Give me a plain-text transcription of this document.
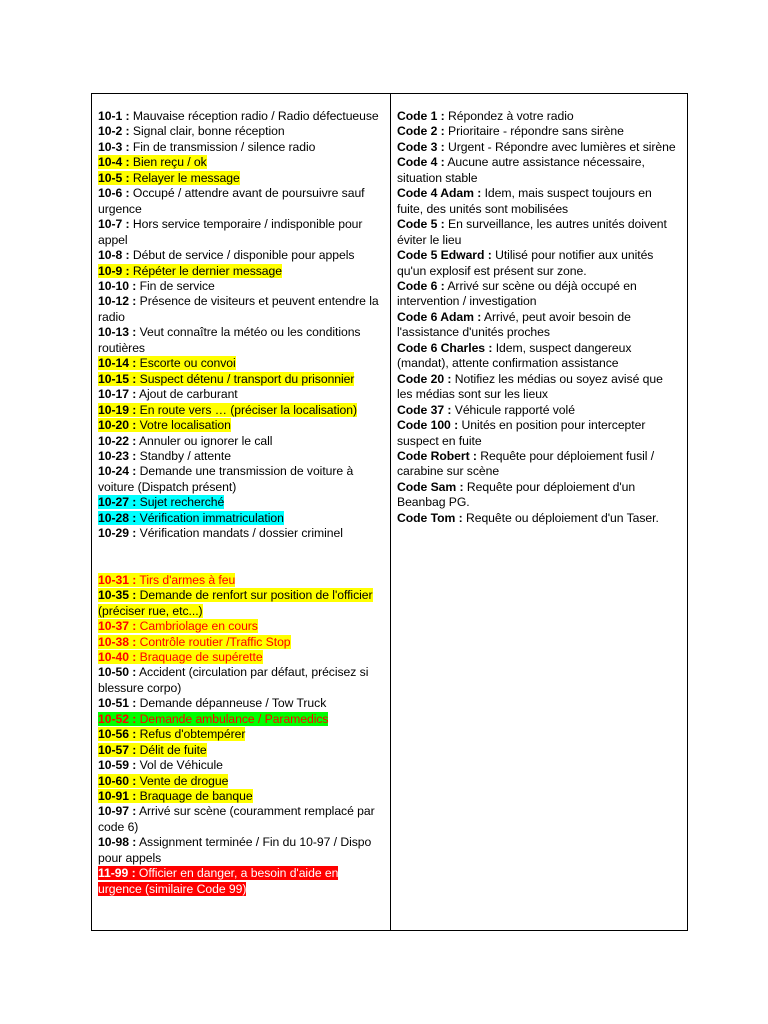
10-1 : Mauvaise réception radio / Radio défectueuse

10-2 : Signal clair, bonne réception

10-3 : Fin de transmission / silence radio

10-4 : Bien reçu / ok

10-5 : Relayer le message

10-6 : Occupé / attendre avant de poursuivre sauf urgence

10-7 : Hors service temporaire / indisponible pour appel

10-8 : Début de service / disponible pour appels

10-9 : Répéter le dernier message

10-10 : Fin de service

10-12 : Présence de visiteurs et peuvent entendre la radio

10-13 : Veut connaître la météo ou les conditions routières

10-14 : Escorte ou convoi

10-15 : Suspect détenu / transport du prisonnier

10-17 : Ajout de carburant

10-19 : En route vers … (préciser la localisation)

10-20 : Votre localisation

10-22 : Annuler ou ignorer le call

10-23 : Standby / attente

10-24 : Demande une transmission de voiture à voiture (Dispatch présent)

10-27 : Sujet recherché

10-28 : Vérification immatriculation

10-29 : Vérification mandats / dossier criminel

10-31 : Tirs d'armes à feu

10-35 : Demande de renfort sur position de l'officier (préciser rue, etc...)

10-37 : Cambriolage en cours

10-38 : Contrôle routier /Traffic Stop

10-40 : Braquage de supérette

10-50 : Accident (circulation par défaut, précisez si blessure corpo)

10-51 : Demande dépanneuse / Tow Truck

10-52 : Demande ambulance / Paramedics

10-56 : Refus d'obtempérer

10-57 : Délit de fuite

10-59 : Vol de Véhicule

10-60 : Vente de drogue

10-91 : Braquage de banque

10-97 : Arrivé sur scène (couramment remplacé par code 6)

10-98 : Assignment terminée / Fin du 10-97 / Dispo pour appels

11-99 : Officier en danger, a besoin d'aide en urgence (similaire Code 99)

Code 1 : Répondez à votre radio

Code 2 : Prioritaire - répondre sans sirène

Code 3 : Urgent - Répondre avec lumières et sirène

Code 4 : Aucune autre assistance nécessaire, situation stable

Code 4 Adam : Idem, mais suspect toujours en fuite, des unités sont mobilisées

Code 5 : En surveillance, les autres unités doivent éviter le lieu

Code 5 Edward : Utilisé pour notifier aux unités qu'un explosif est présent sur zone.

Code 6 : Arrivé sur scène ou déjà occupé en intervention / investigation

Code 6 Adam : Arrivé, peut avoir besoin de l'assistance d'unités proches

Code 6 Charles : Idem, suspect dangereux (mandat), attente confirmation assistance

Code 20 : Notifiez les médias ou soyez avisé que les médias sont sur les lieux

Code 37 : Véhicule rapporté volé

Code 100 : Unités en position pour intercepter suspect en fuite

Code Robert : Requête pour déploiement fusil / carabine sur scène

Code Sam : Requête pour déploiement d'un Beanbag PG.

Code Tom : Requête ou déploiement d'un Taser.
